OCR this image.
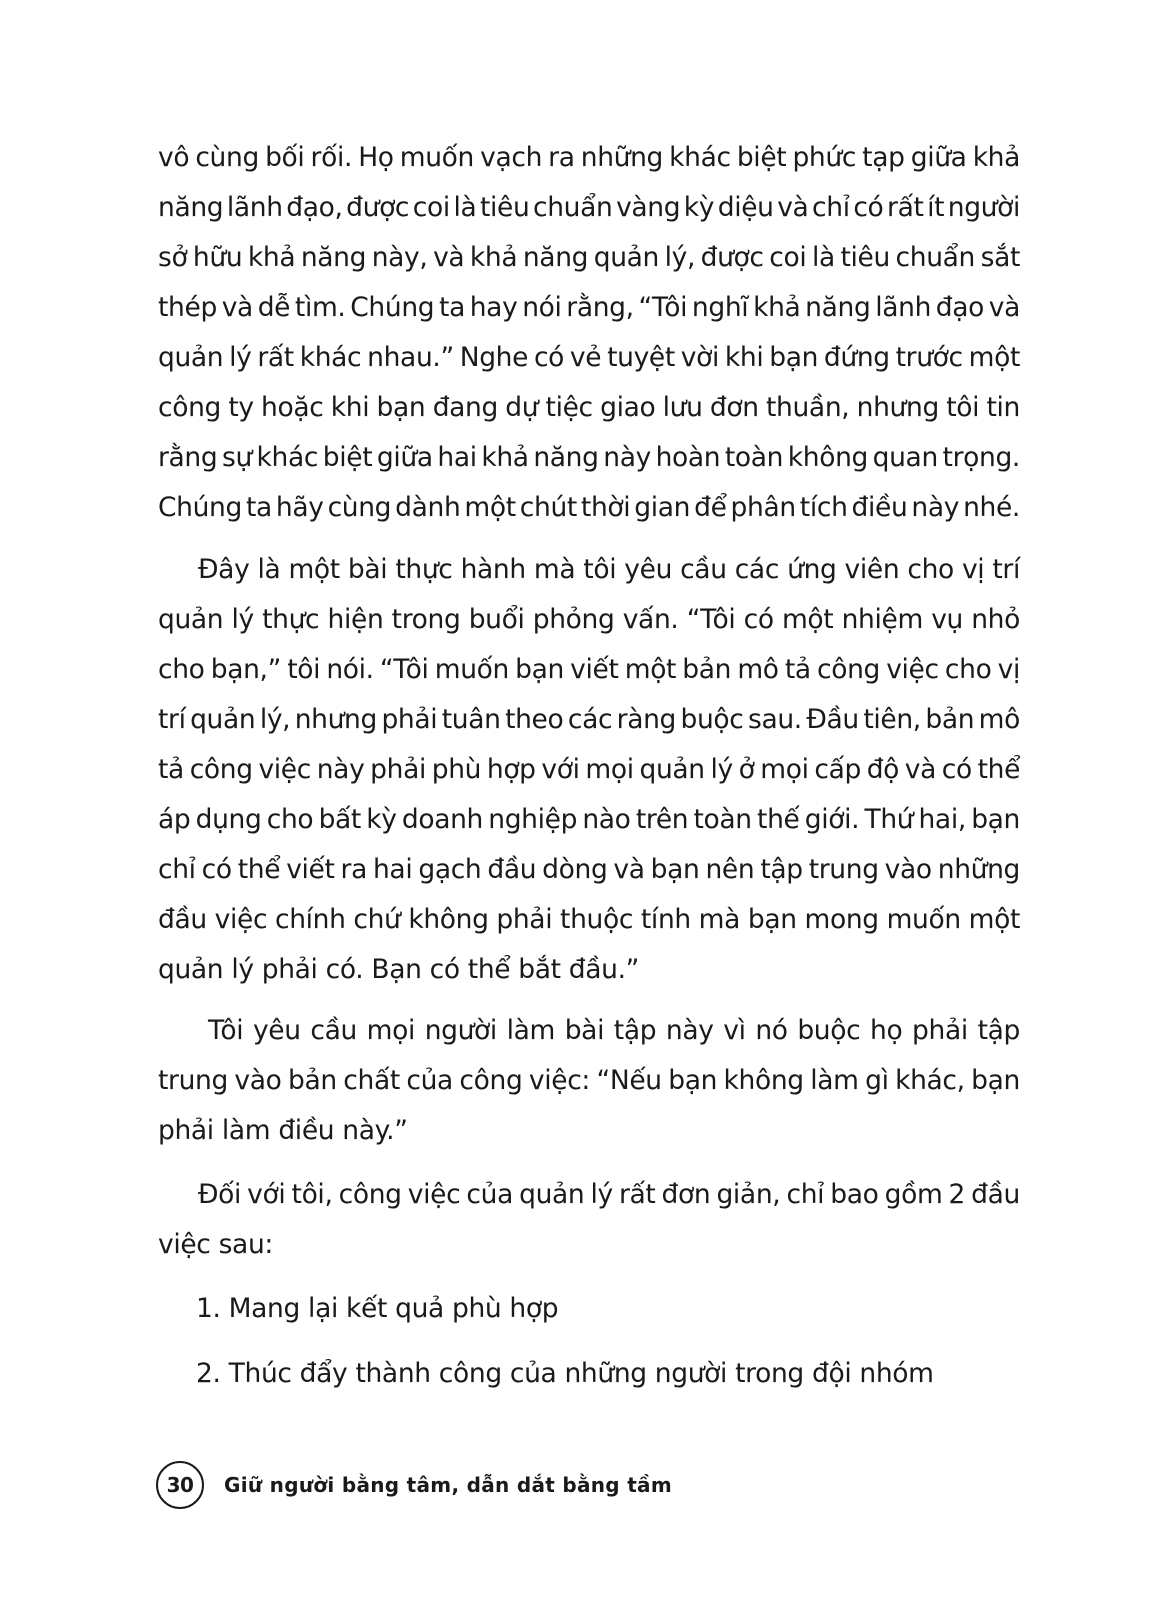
vô cùng bối rối. Họ muốn vạch ra những khác biệt phức tạp giữa khả
năng lãnh đạo, được coi là tiêu chuẩn vàng kỳ diệu và chỉ có rất ít người
sở hữu khả năng này, và khả năng quản lý, được coi là tiêu chuẩn sắt
thép và dễ tìm. Chúng ta hay nói rằng, “Tôi nghĩ khả năng lãnh đạo và
quản lý rất khác nhau.” Nghe có vẻ tuyệt vời khi bạn đứng trước một
công ty hoặc khi bạn đang dự tiệc giao lưu đơn thuần, nhưng tôi tin
rằng sự khác biệt giữa hai khả năng này hoàn toàn không quan trọng.
Chúng ta hãy cùng dành một chút thời gian để phân tích điều này nhé.
Đây là một bài thực hành mà tôi yêu cầu các ứng viên cho vị trí
quản lý thực hiện trong buổi phỏng vấn. “Tôi có một nhiệm vụ nhỏ
cho bạn,” tôi nói. “Tôi muốn bạn viết một bản mô tả công việc cho vị
trí quản lý, nhưng phải tuân theo các ràng buộc sau. Đầu tiên, bản mô
tả công việc này phải phù hợp với mọi quản lý ở mọi cấp độ và có thể
áp dụng cho bất kỳ doanh nghiệp nào trên toàn thế giới. Thứ hai, bạn
chỉ có thể viết ra hai gạch đầu dòng và bạn nên tập trung vào những
đầu việc chính chứ không phải thuộc tính mà bạn mong muốn một
quản lý phải có. Bạn có thể bắt đầu.”
Tôi yêu cầu mọi người làm bài tập này vì nó buộc họ phải tập
trung vào bản chất của công việc: “Nếu bạn không làm gì khác, bạn
phải làm điều này.”
Đối với tôi, công việc của quản lý rất đơn giản, chỉ bao gồm 2 đầu
việc sau:
1. Mang lại kết quả phù hợp
2. Thúc đẩy thành công của những người trong đội nhóm
30	Giữ người bằng tâm, dẫn dắt bằng tầm
